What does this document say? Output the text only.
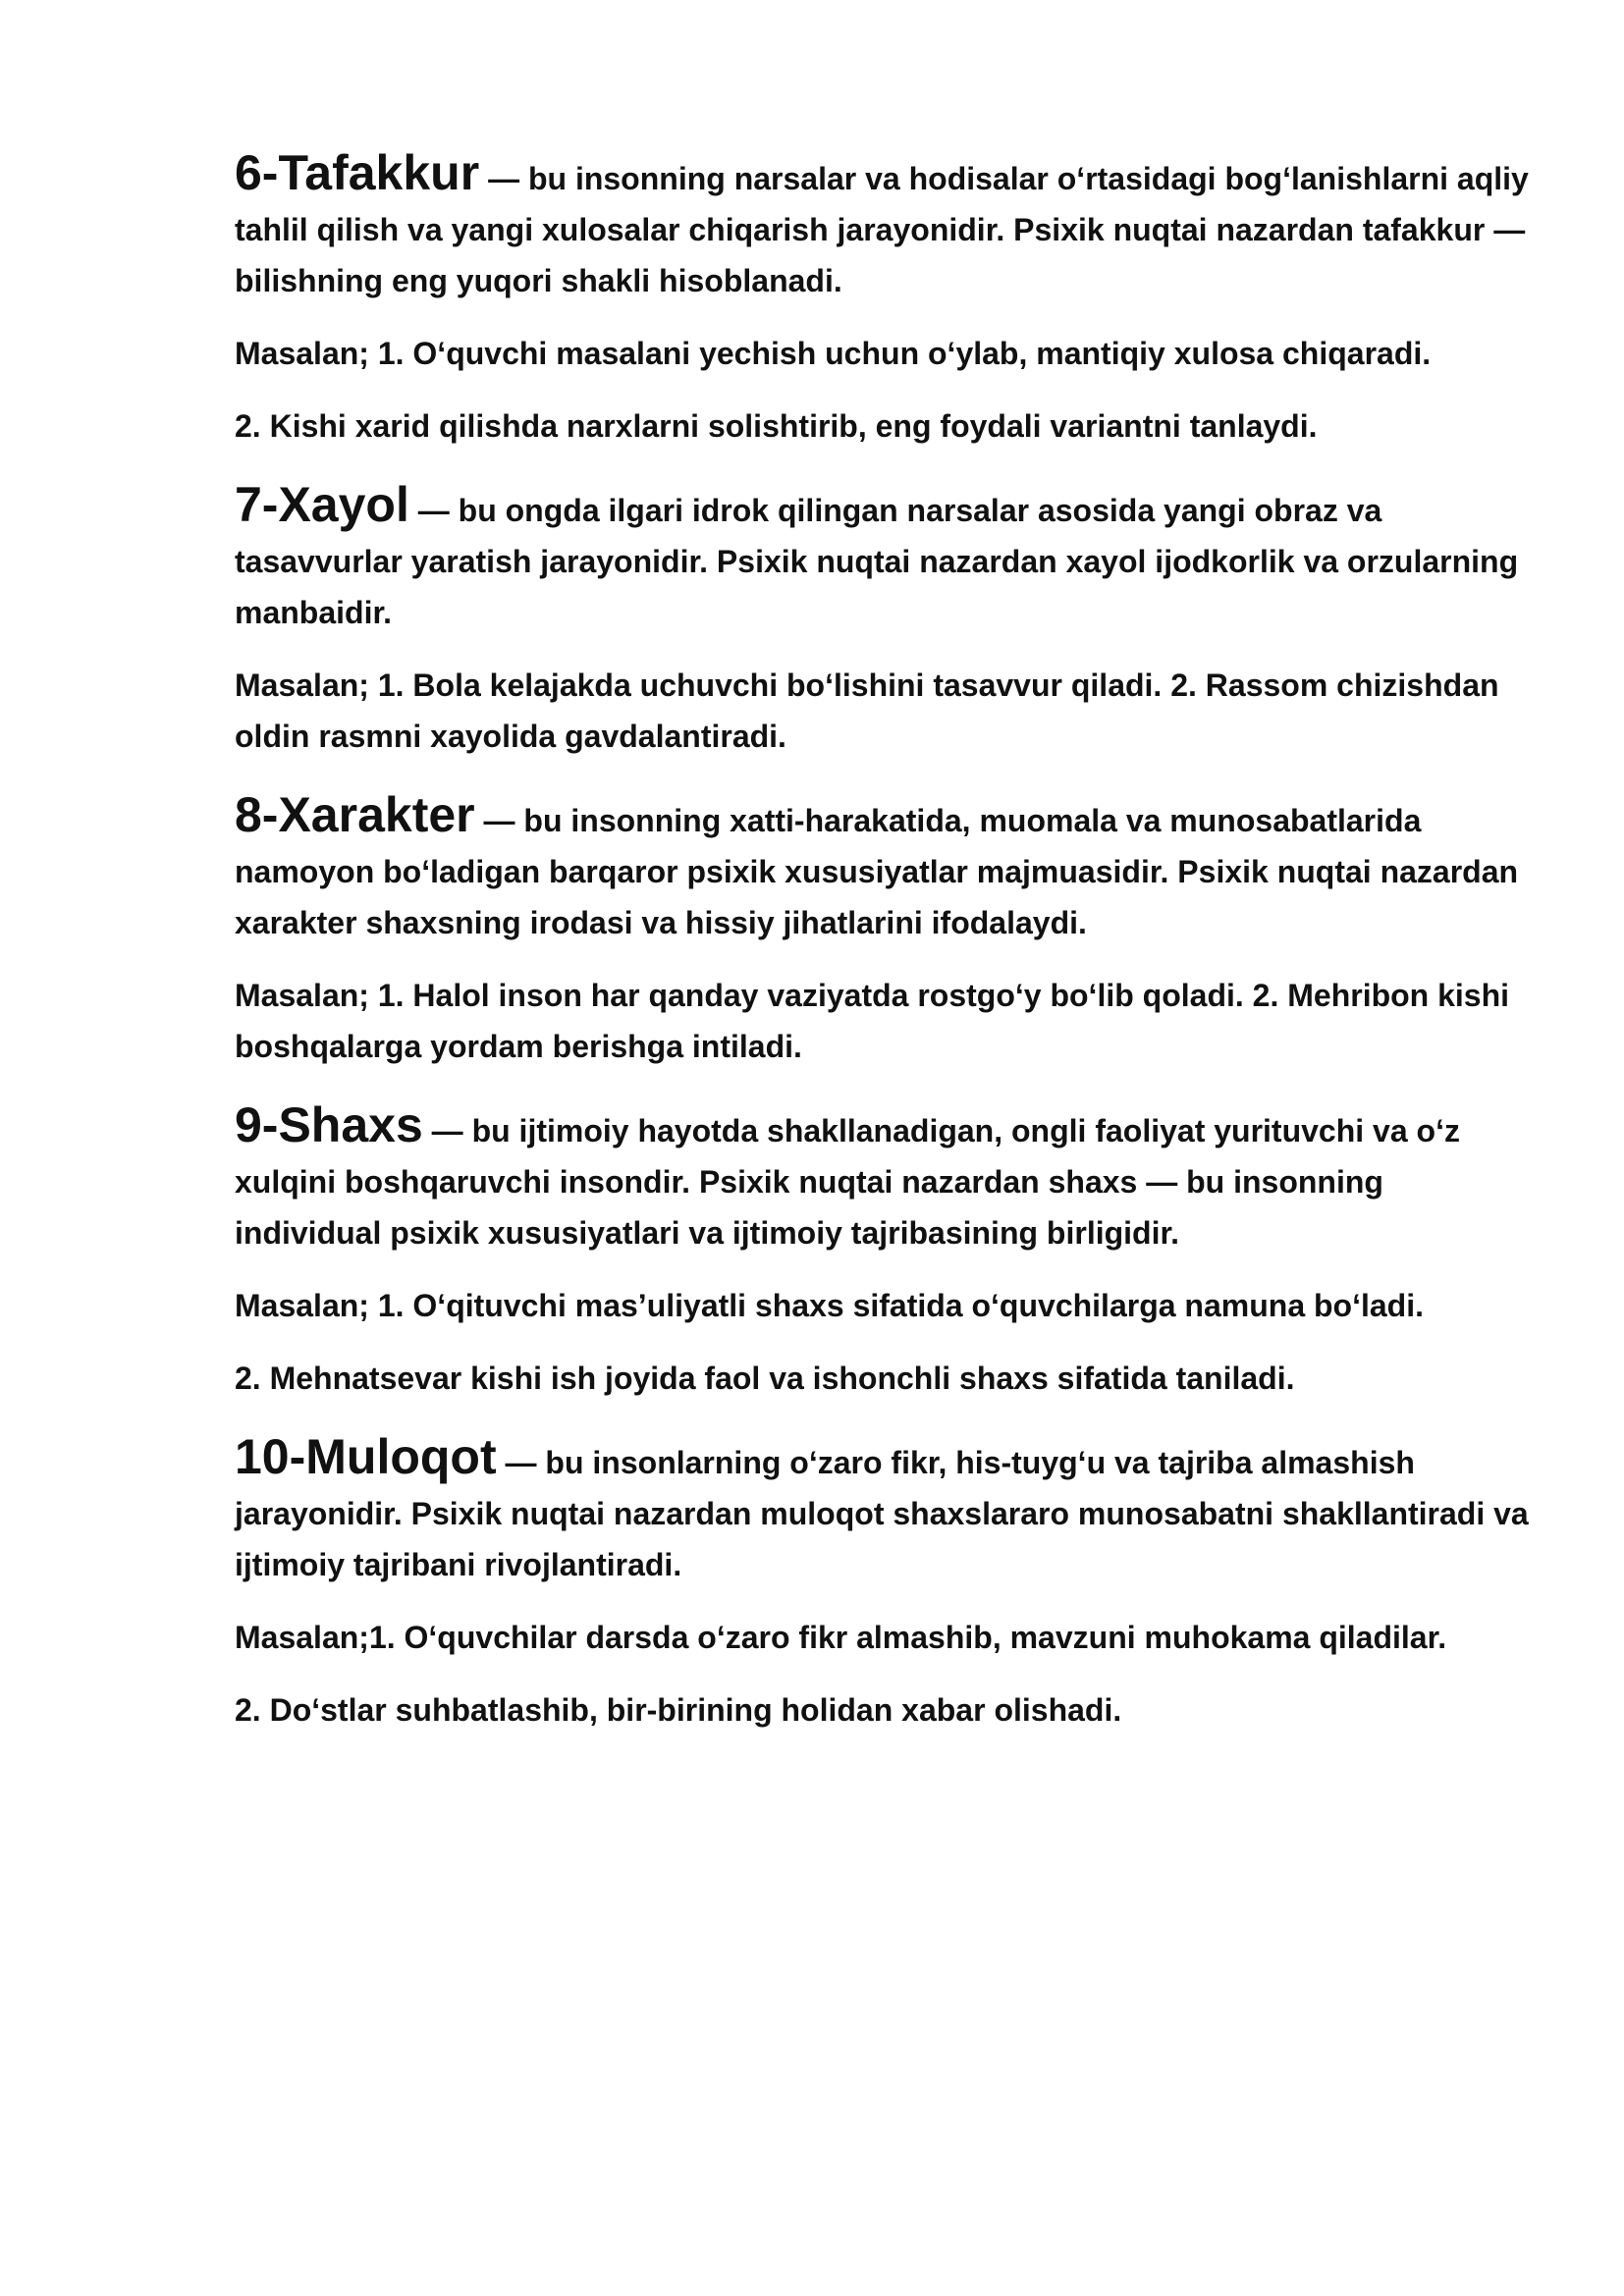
6-Tafakkur — bu insonning narsalar va hodisalar o‘rtasidagi bog‘lanishlarni aqliy tahlil qilish va yangi xulosalar chiqarish jarayonidir. Psixik nuqtai nazardan tafakkur — bilishning eng yuqori shakli hisoblanadi.

Masalan; 1. O‘quvchi masalani yechish uchun o‘ylab, mantiqiy xulosa chiqaradi.

2. Kishi xarid qilishda narxlarni solishtirib, eng foydali variantni tanlaydi.

7-Xayol — bu ongda ilgari idrok qilingan narsalar asosida yangi obraz va tasavvurlar yaratish jarayonidir. Psixik nuqtai nazardan xayol ijodkorlik va orzularning manbaidir.

Masalan; 1. Bola kelajakda uchuvchi bo‘lishini tasavvur qiladi. 2. Rassom chizishdan oldin rasmni xayolida gavdalantiradi.

8-Xarakter — bu insonning xatti-harakatida, muomala va munosabatlarida namoyon bo‘ladigan barqaror psixik xususiyatlar majmuasidir. Psixik nuqtai nazardan xarakter shaxsning irodasi va hissiy jihatlarini ifodalaydi.

Masalan; 1. Halol inson har qanday vaziyatda rostgo‘y bo‘lib qoladi. 2. Mehribon kishi boshqalarga yordam berishga intiladi.

9-Shaxs — bu ijtimoiy hayotda shakllanadigan, ongli faoliyat yurituvchi va o‘z xulqini boshqaruvchi insondir. Psixik nuqtai nazardan shaxs — bu insonning individual psixik xususiyatlari va ijtimoiy tajribasining birligidir.

Masalan; 1. O‘qituvchi mas’uliyatli shaxs sifatida o‘quvchilarga namuna bo‘ladi.

2. Mehnatsevar kishi ish joyida faol va ishonchli shaxs sifatida taniladi.

10-Muloqot — bu insonlarning o‘zaro fikr, his-tuyg‘u va tajriba almashish jarayonidir. Psixik nuqtai nazardan muloqot shaxslararo munosabatni shakllantiradi va ijtimoiy tajribani rivojlantiradi.

Masalan;1. O‘quvchilar darsda o‘zaro fikr almashib, mavzuni muhokama qiladilar.

2. Do‘stlar suhbatlashib, bir-birining holidan xabar olishadi.
